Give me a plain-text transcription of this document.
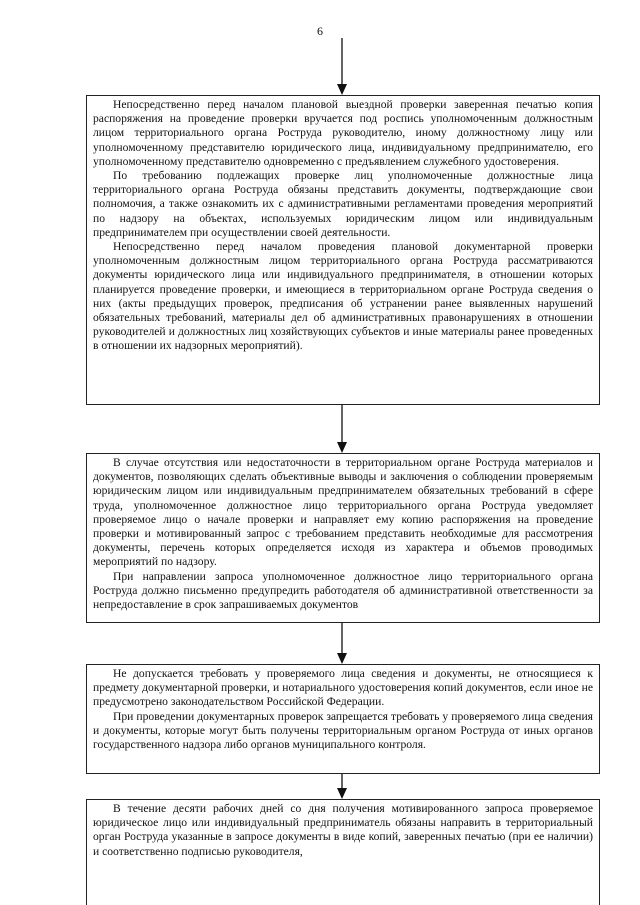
6

Непосредственно перед началом плановой выездной проверки заверенная печатью копия распоряжения на проведение проверки вручается под роспись уполномоченным должностным лицом территориального органа Роструда руководителю, иному должностному лицу или уполномоченному представителю юридического лица, индивидуальному предпринимателю, его уполномоченному представителю одновременно с предъявлением служебного удостоверения.

По требованию подлежащих проверке лиц уполномоченные должностные лица территориального органа Роструда обязаны представить документы, подтверждающие свои полномочия, а также ознакомить их с административными регламентами проведения мероприятий по надзору на объектах, используемых юридическим лицом или индивидуальным предпринимателем при осуществлении своей деятельности.

Непосредственно перед началом проведения плановой документарной проверки уполномоченным должностным лицом территориального органа Роструда рассматриваются документы юридического лица или индивидуального предпринимателя, в отношении которых планируется проведение проверки, и имеющиеся в территориальном органе Роструда сведения о них (акты предыдущих проверок, предписания об устранении ранее выявленных нарушений обязательных требований, материалы дел об административных правонарушениях в отношении руководителей и должностных лиц хозяйствующих субъектов и иные материалы ранее проведенных в отношении их надзорных мероприятий).

В случае отсутствия или недостаточности в территориальном органе Роструда материалов и документов, позволяющих сделать объективные выводы и заключения о соблюдении проверяемым юридическим лицом или индивидуальным предпринимателем обязательных требований в сфере труда, уполномоченное должностное лицо территориального органа Роструда уведомляет проверяемое лицо о начале проверки и направляет ему копию распоряжения на проведение проверки и мотивированный запрос с требованием представить необходимые для рассмотрения документы, перечень которых определяется исходя из характера и объемов проводимых мероприятий по надзору.

При направлении запроса уполномоченное должностное лицо территориального органа Роструда должно письменно предупредить работодателя об административной ответственности за непредоставление в срок запрашиваемых документов

Не допускается требовать у проверяемого лица сведения и документы, не относящиеся к предмету документарной проверки, и нотариального удостоверения копий документов, если иное не предусмотрено законодательством Российской Федерации.

При проведении документарных проверок запрещается требовать у проверяемого лица сведения и документы, которые могут быть получены территориальным органом Роструда от иных органов государственного надзора либо органов муниципального контроля.

В течение десяти рабочих дней со дня получения мотивированного запроса проверяемое юридическое лицо или индивидуальный предприниматель обязаны направить в территориальный орган Роструда указанные в запросе документы в виде копий, заверенных печатью (при ее наличии) и соответственно подписью руководителя,
